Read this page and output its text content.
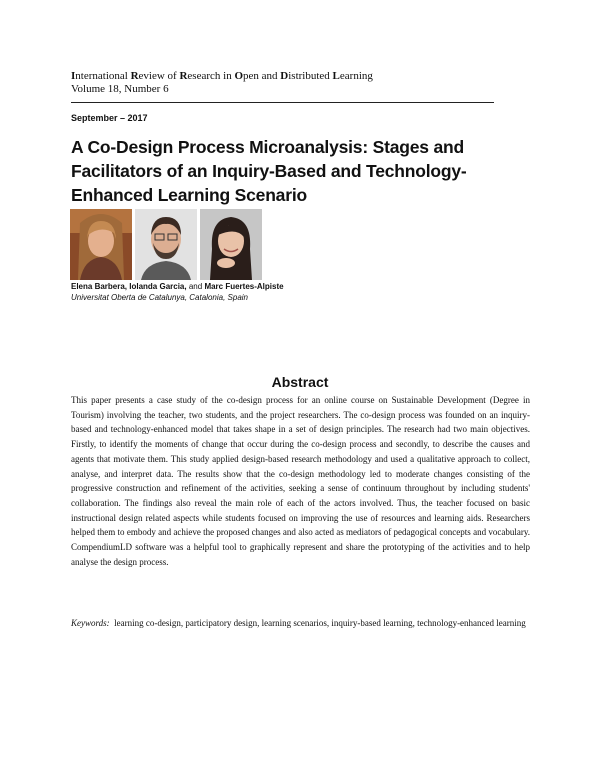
International Review of Research in Open and Distributed Learning
Volume 18, Number 6
September – 2017
A Co-Design Process Microanalysis: Stages and Facilitators of an Inquiry-Based and Technology-Enhanced Learning Scenario
Elena Barbera, Iolanda Garcia, and Marc Fuertes-Alpiste
Universitat Oberta de Catalunya, Catalonia, Spain
Abstract
This paper presents a case study of the co-design process for an online course on Sustainable Development (Degree in Tourism) involving the teacher, two students, and the project researchers. The co-design process was founded on an inquiry-based and technology-enhanced model that takes shape in a set of design principles. The research had two main objectives. Firstly, to identify the moments of change that occur during the co-design process and secondly, to describe the causes and agents that motivate them. This study applied design-based research methodology and used a qualitative approach to collect, analyse, and interpret data. The results show that the co-design methodology led to moderate changes consisting of the progressive construction and refinement of the activities, seeking a sense of continuum throughout by including students' collaboration. The findings also reveal the main role of each of the actors involved. Thus, the teacher focused on basic instructional design related aspects while students focused on improving the use of resources and learning aids. Researchers helped them to embody and achieve the proposed changes and also acted as mediators of pedagogical concepts and vocabulary. CompendiumLD software was a helpful tool to graphically represent and share the prototyping of the activities and to help analyse the design process.
Keywords: learning co-design, participatory design, learning scenarios, inquiry-based learning, technology-enhanced learning
